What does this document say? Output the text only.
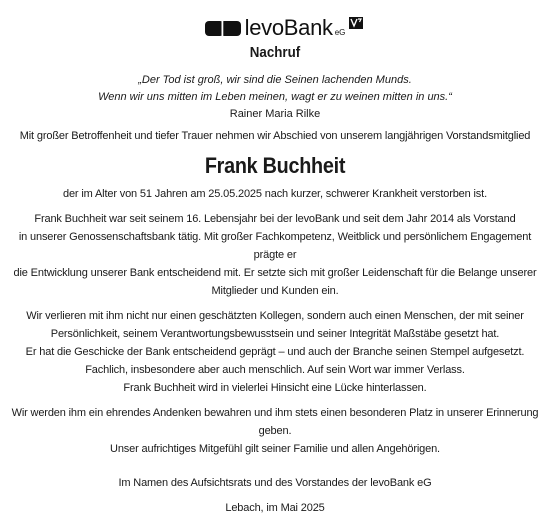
levoBank eG
Nachruf
„Der Tod ist groß, wir sind die Seinen lachenden Munds.
Wenn wir uns mitten im Leben meinen, wagt er zu weinen mitten in uns.“
Rainer Maria Rilke

Mit großer Betroffenheit und tiefer Trauer nehmen wir Abschied von unserem langjährigen Vorstandsmitglied

Frank Buchheit

der im Alter von 51 Jahren am 25.05.2025 nach kurzer, schwerer Krankheit verstorben ist.

Frank Buchheit war seit seinem 16. Lebensjahr bei der levoBank und seit dem Jahr 2014 als Vorstand

in unserer Genossenschaftsbank tätig. Mit großer Fachkompetenz, Weitblick und persönlichem Engagement prägte er

die Entwicklung unserer Bank entscheidend mit. Er setzte sich mit großer Leidenschaft für die Belange unserer

Mitglieder und Kunden ein.

Wir verlieren mit ihm nicht nur einen geschätzten Kollegen, sondern auch einen Menschen, der mit seiner

Persönlichkeit, seinem Verantwortungsbewusstsein und seiner Integrität Maßstäbe gesetzt hat.

Er hat die Geschicke der Bank entscheidend geprägt – und auch der Branche seinen Stempel aufgesetzt.

Fachlich, insbesondere aber auch menschlich. Auf sein Wort war immer Verlass.

Frank Buchheit wird in vielerlei Hinsicht eine Lücke hinterlassen.

Wir werden ihm ein ehrendes Andenken bewahren und ihm stets einen besonderen Platz in unserer Erinnerung geben.

Unser aufrichtiges Mitgefühl gilt seiner Familie und allen Angehörigen.

Im Namen des Aufsichtsrats und des Vorstandes der levoBank eG

Lebach, im Mai 2025
